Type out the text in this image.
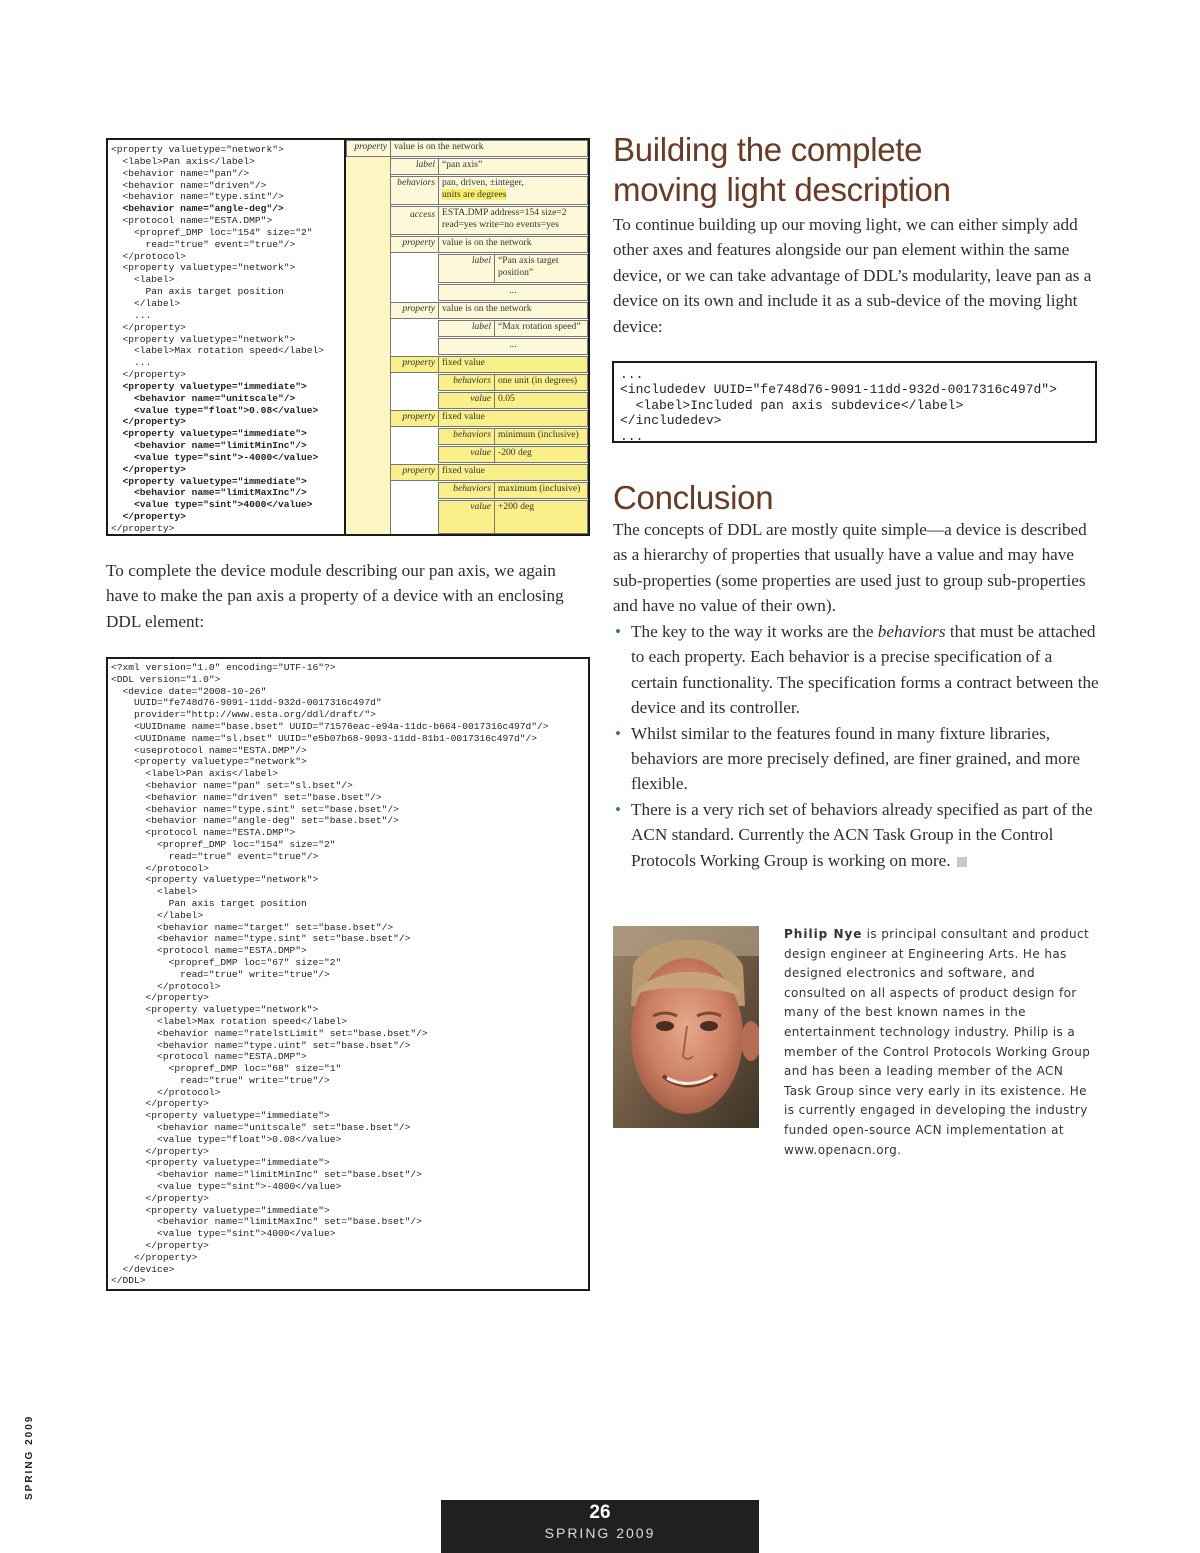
<property valuetype="network">
<label>Pan axis</label>
<behavior name="pan"/>
<behavior name="driven"/>
<behavior name="type.sint"/>
<behavior name="angle-deg"/>
<protocol name="ESTA.DMP">
<propref_DMP loc="154" size="2"
read="true" event="true"/>
</protocol>
<property valuetype="network">
<label>
Pan axis target position
</label>
...
</property>
<property valuetype="network">
<label>Max rotation speed</label>
...
</property>
<property valuetype="immediate">
<behavior name="unitscale"/>
<value type="float">0.08</value>
</property>
<property valuetype="immediate">
<behavior name="limitMinInc"/>
<value type="sint">-4000</value>
</property>
<property valuetype="immediate">
<behavior name="limitMaxInc"/>
<value type="sint">4000</value>
</property>
</property>

property value is on the network
label “pan axis”
behaviors pan, driven, ±integer,
units are degrees
access ESTA.DMP address=154 size=2 read=yes write=no events=yes
property value is on the network
label “Pan axis target position”
...
property value is on the network
label “Max rotation speed”
...
property fixed value
behaviors one unit (in degrees)
value 0.05
property fixed value
behaviors minimum (inclusive)
value -200 deg
property fixed value
behaviors maximum (inclusive)
value +200 deg

To complete the device module describing our pan axis, we again have to make the pan axis a property of a device with an enclosing DDL element:

<?xml version="1.0" encoding="UTF-16"?>
<DDL version="1.0">
<device date="2008-10-26"
UUID="fe748d76-9091-11dd-932d-0017316c497d"
provider="http://www.esta.org/ddl/draft/">
<UUIDname name="base.bset" UUID="71576eac-e94a-11dc-b664-0017316c497d"/>
<UUIDname name="sl.bset" UUID="e5b07b68-9093-11dd-81b1-0017316c497d"/>
<useprotocol name="ESTA.DMP"/>
<property valuetype="network">
<label>Pan axis</label>
<behavior name="pan" set="sl.bset"/>
<behavior name="driven" set="base.bset"/>
<behavior name="type.sint" set="base.bset"/>
<behavior name="angle-deg" set="base.bset"/>
<protocol name="ESTA.DMP">
<propref_DMP loc="154" size="2"
read="true" event="true"/>
</protocol>
<property valuetype="network">
<label>
Pan axis target position
</label>
<behavior name="target" set="base.bset"/>
<behavior name="type.sint" set="base.bset"/>
<protocol name="ESTA.DMP">
<propref_DMP loc="67" size="2"
read="true" write="true"/>
</protocol>
</property>
<property valuetype="network">
<label>Max rotation speed</label>
<behavior name="ratelstLimit" set="base.bset"/>
<behavior name="type.uint" set="base.bset"/>
<protocol name="ESTA.DMP">
<propref_DMP loc="68" size="1"
read="true" write="true"/>
</protocol>
</property>
<property valuetype="immediate">
<behavior name="unitscale" set="base.bset"/>
<value type="float">0.08</value>
</property>
<property valuetype="immediate">
<behavior name="limitMinInc" set="base.bset"/>
<value type="sint">-4000</value>
</property>
<property valuetype="immediate">
<behavior name="limitMaxInc" set="base.bset"/>
<value type="sint">4000</value>
</property>
</property>
</device>
</DDL>

Building the complete
moving light description

To continue building up our moving light, we can either simply add other axes and features alongside our pan element within the same device, or we can take advantage of DDL’s modularity, leave pan as a device on its own and include it as a sub-device of the moving light device:

...
<includedev UUID="fe748d76-9091-11dd-932d-0017316c497d">
<label>Included pan axis subdevice</label>
</includedev>
...

Conclusion

The concepts of DDL are mostly quite simple—a device is described as a hierarchy of properties that usually have a value and may have sub-properties (some properties are used just to group sub-properties and have no value of their own).

• The key to the way it works are the behaviors that must be attached to each property. Each behavior is a precise specification of a certain functionality. The specification forms a contract between the device and its controller.
• Whilst similar to the features found in many fixture libraries, behaviors are more precisely defined, are finer grained, and more flexible.
• There is a very rich set of behaviors already specified as part of the ACN standard. Currently the ACN Task Group in the Control Protocols Working Group is working on more.

Philip Nye is principal consultant and product design engineer at Engineering Arts. He has designed electronics and software, and consulted on all aspects of product design for many of the best known names in the entertainment technology industry. Philip is a member of the Control Protocols Working Group and has been a leading member of the ACN Task Group since very early in its existence. He is currently engaged in developing the industry funded open-source ACN implementation at www.openacn.org.

SPRING 2009
26
SPRING 2009
